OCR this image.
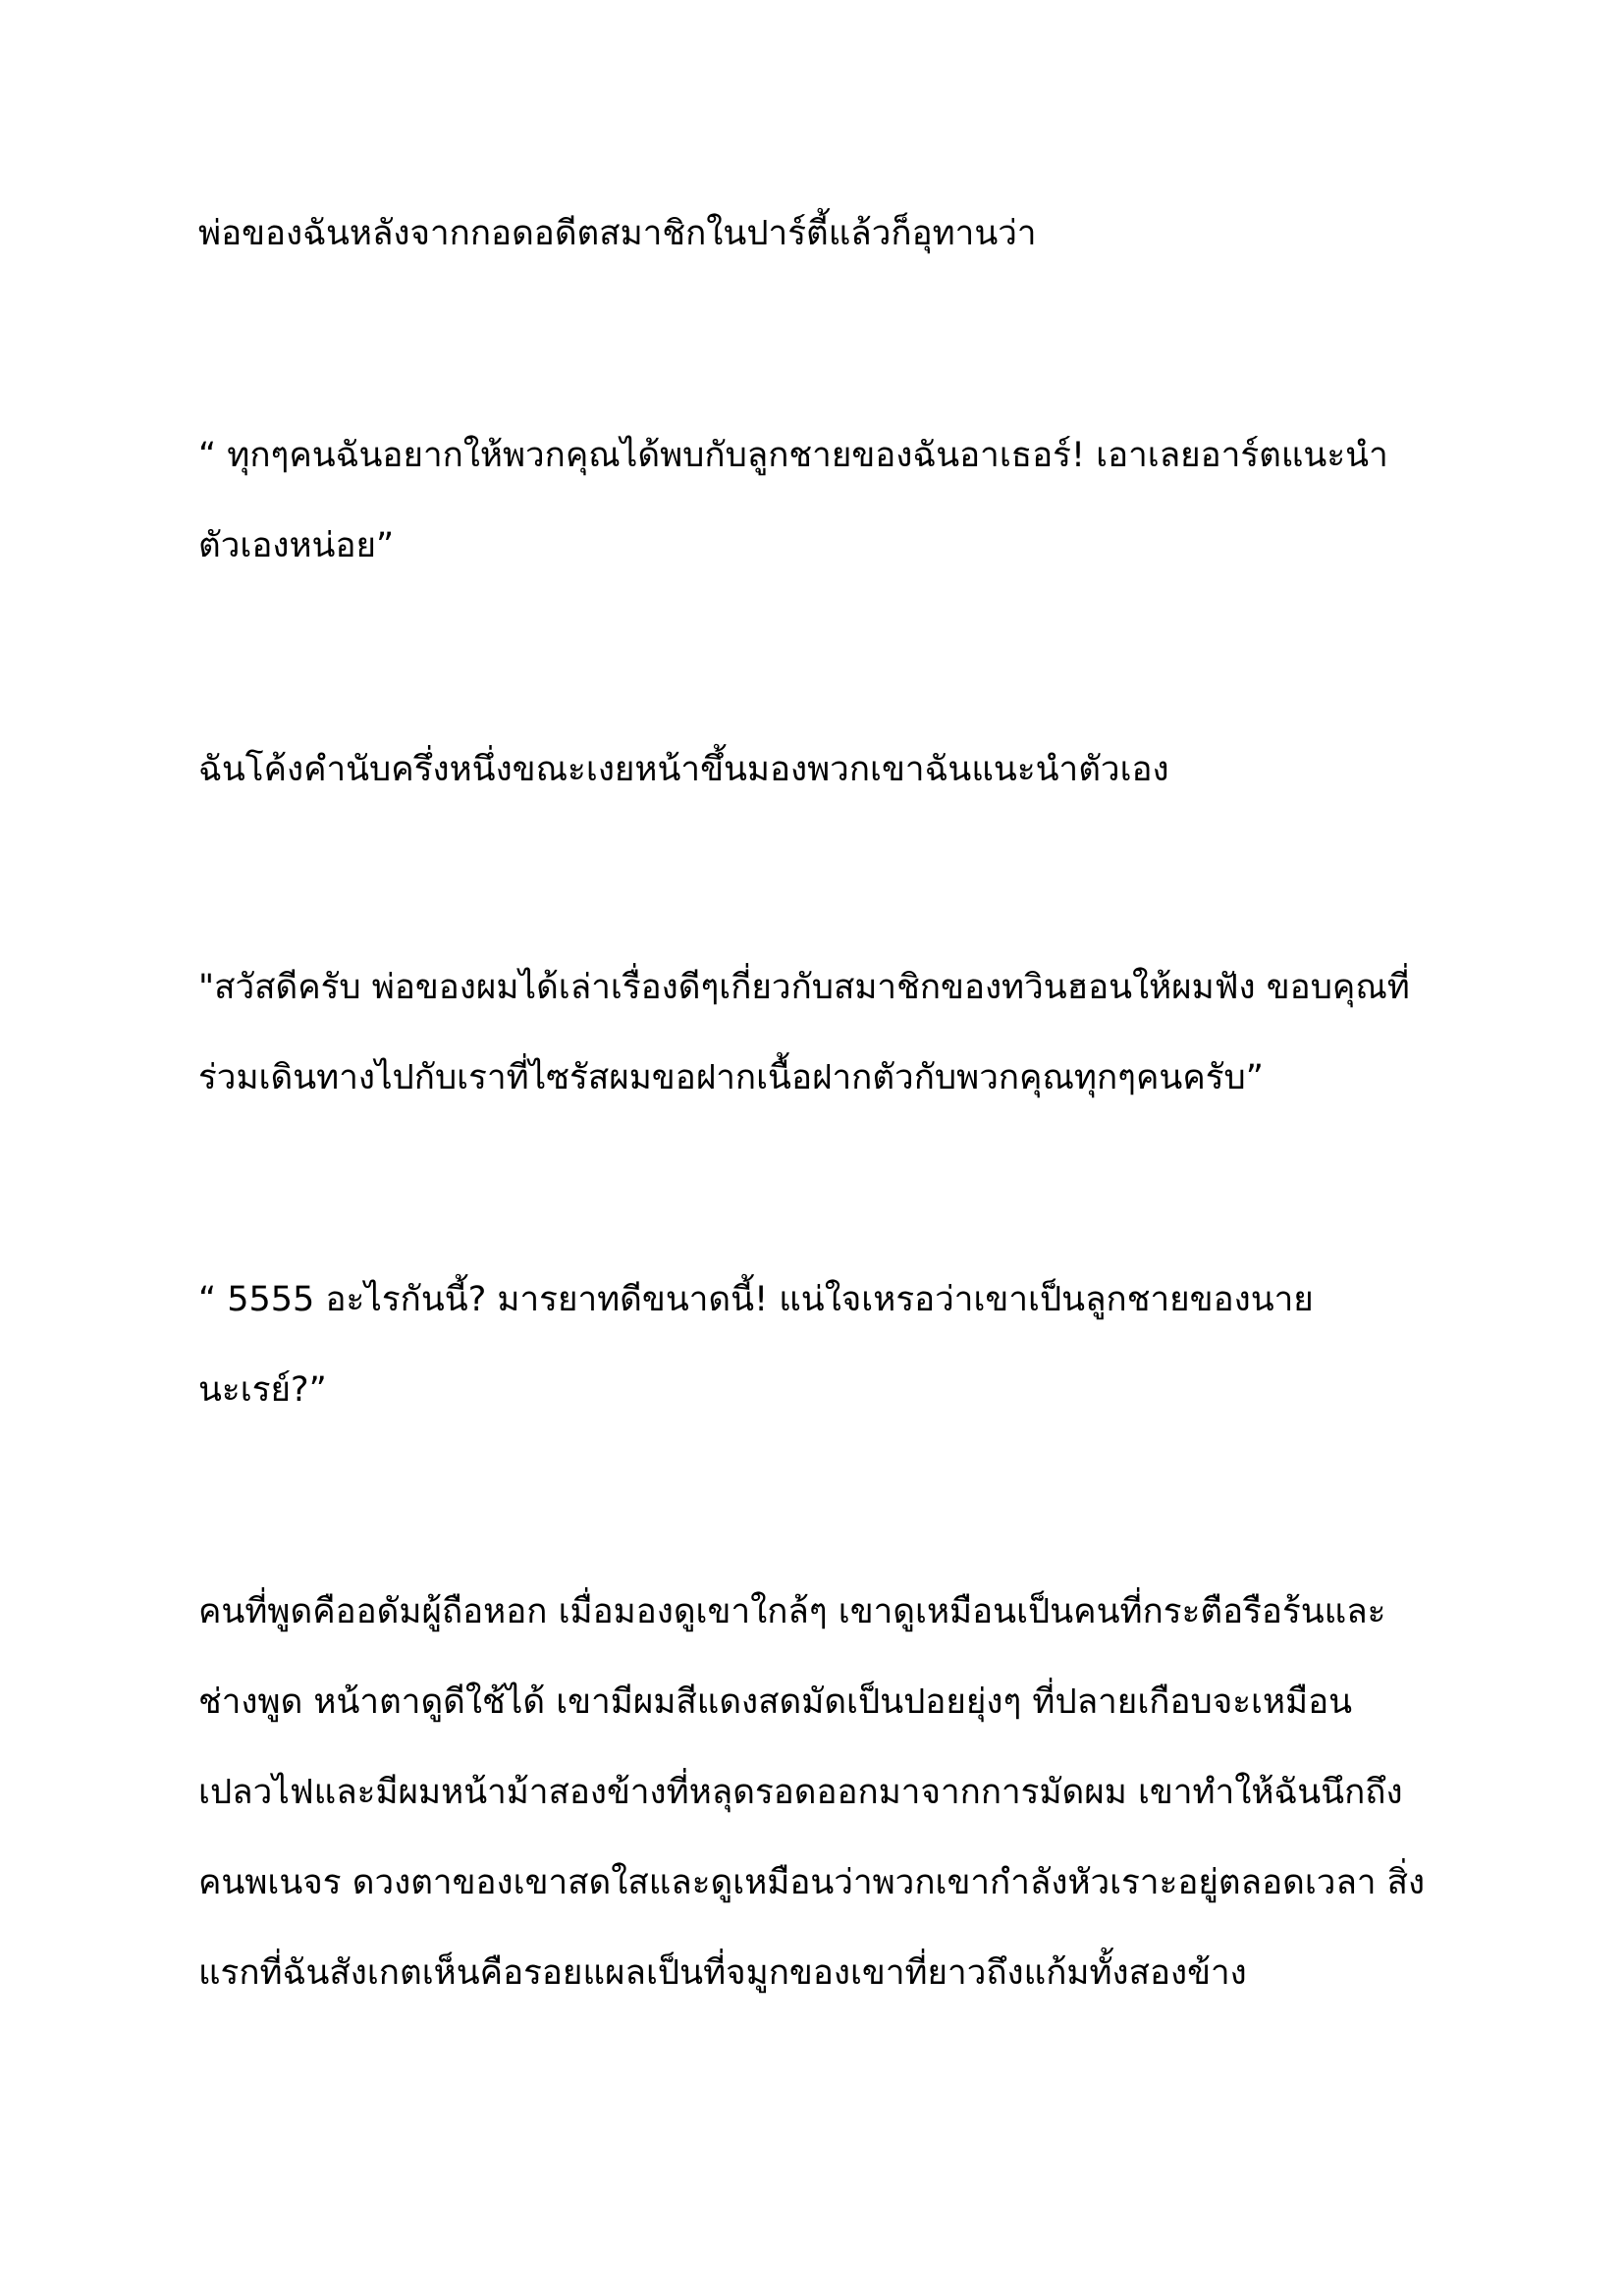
พ่อของฉันหลังจากกอดอดีตสมาชิกในปาร์ตี้แล้วก็อุทานว่า
“ ทุกๆคนฉันอยากให้พวกคุณได้พบกับลูกชายของฉันอาเธอร์! เอาเลยอาร์ตแนะนำ
ตัวเองหน่อย”
ฉันโค้งคำนับครึ่งหนึ่งขณะเงยหน้าขึ้นมองพวกเขาฉันแนะนำตัวเอง
"สวัสดีครับ พ่อของผมได้เล่าเรื่องดีๆเกี่ยวกับสมาชิกของทวินฮอนให้ผมฟัง ขอบคุณที่
ร่วมเดินทางไปกับเราที่ไซรัสผมขอฝากเนื้อฝากตัวกับพวกคุณทุกๆคนครับ”
“ 5555 อะไรกันนี้? มารยาทดีขนาดนี้! แน่ใจเหรอว่าเขาเป็นลูกชายของนาย
นะเรย์?”
คนที่พูดคืออดัมผู้ถือหอก เมื่อมองดูเขาใกล้ๆ เขาดูเหมือนเป็นคนที่กระตือรือร้นและ
ช่างพูด หน้าตาดูดีใช้ได้ เขามีผมสีแดงสดมัดเป็นปอยยุ่งๆ ที่ปลายเกือบจะเหมือน
เปลวไฟและมีผมหน้าม้าสองข้างที่หลุดรอดออกมาจากการมัดผม เขาทำให้ฉันนึกถึง
คนพเนจร ดวงตาของเขาสดใสและดูเหมือนว่าพวกเขากำลังหัวเราะอยู่ตลอดเวลา สิ่ง
แรกที่ฉันสังเกตเห็นคือรอยแผลเป็นที่จมูกของเขาที่ยาวถึงแก้มทั้งสองข้าง
